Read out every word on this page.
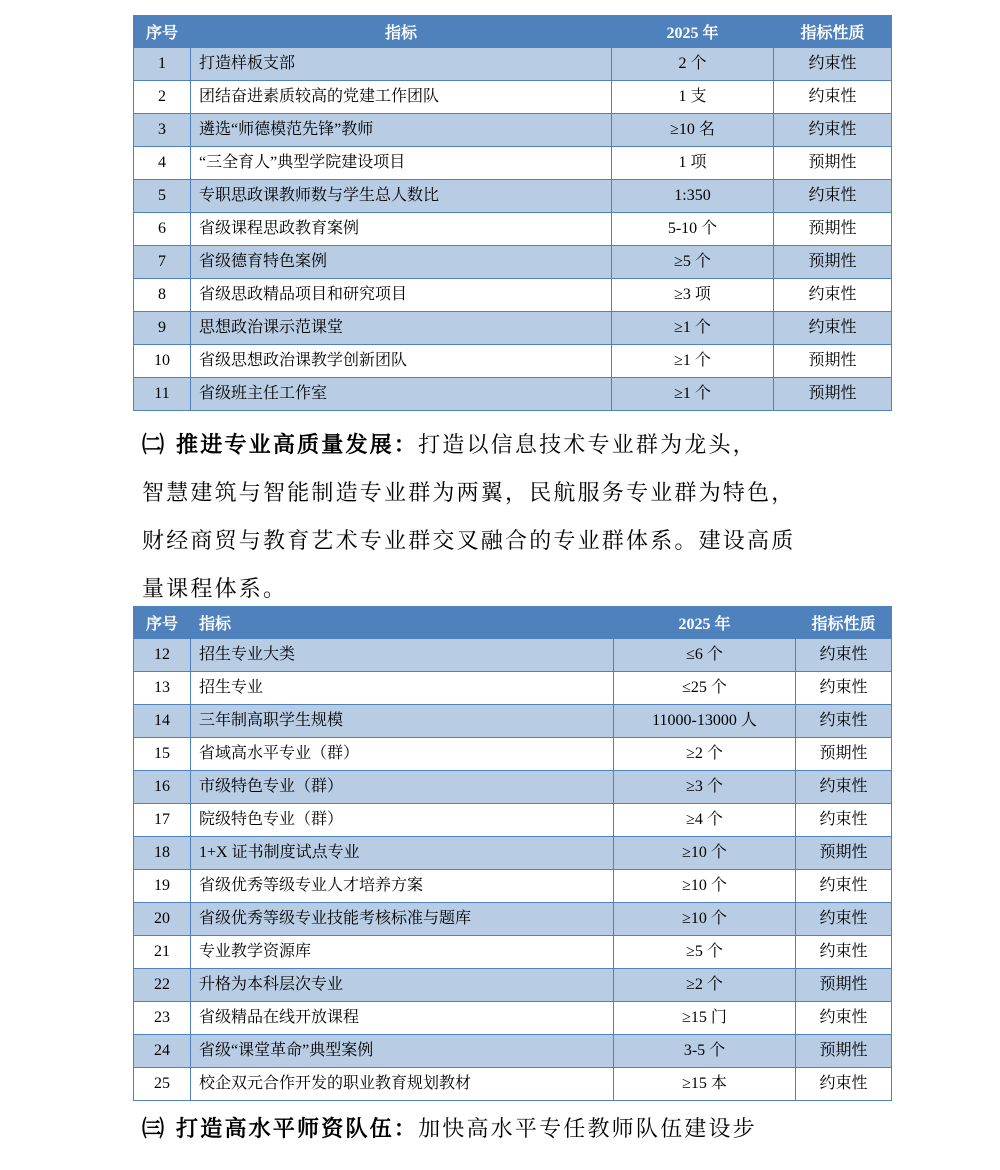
序号	指标	2025 年	指标性质
1	打造样板支部	2 个	约束性
2	团结奋进素质较高的党建工作团队	1 支	约束性
3	遴选“师德模范先锋”教师	≥10 名	约束性
4	“三全育人”典型学院建设项目	1 项	预期性
5	专职思政课教师数与学生总人数比	1:350	约束性
6	省级课程思政教育案例	5-10 个	预期性
7	省级德育特色案例	≥5 个	预期性
8	省级思政精品项目和研究项目	≥3 项	约束性
9	思想政治课示范课堂	≥1 个	约束性
10	省级思想政治课教学创新团队	≥1 个	预期性
11	省级班主任工作室	≥1 个	预期性
㈡ 推进专业高质量发展：打造以信息技术专业群为龙头，
智慧建筑与智能制造专业群为两翼，民航服务专业群为特色，
财经商贸与教育艺术专业群交叉融合的专业群体系。建设高质
量课程体系。
序号	指标	2025 年	指标性质
12	招生专业大类	≤6 个	约束性
13	招生专业	≤25 个	约束性
14	三年制高职学生规模	11000-13000 人	约束性
15	省域高水平专业（群）	≥2 个	预期性
16	市级特色专业（群）	≥3 个	约束性
17	院级特色专业（群）	≥4 个	约束性
18	1+X 证书制度试点专业	≥10 个	预期性
19	省级优秀等级专业人才培养方案	≥10 个	约束性
20	省级优秀等级专业技能考核标准与题库	≥10 个	约束性
21	专业教学资源库	≥5 个	约束性
22	升格为本科层次专业	≥2 个	预期性
23	省级精品在线开放课程	≥15 门	约束性
24	省级“课堂革命”典型案例	3-5 个	预期性
25	校企双元合作开发的职业教育规划教材	≥15 本	约束性
㈢ 打造高水平师资队伍：加快高水平专任教师队伍建设步
